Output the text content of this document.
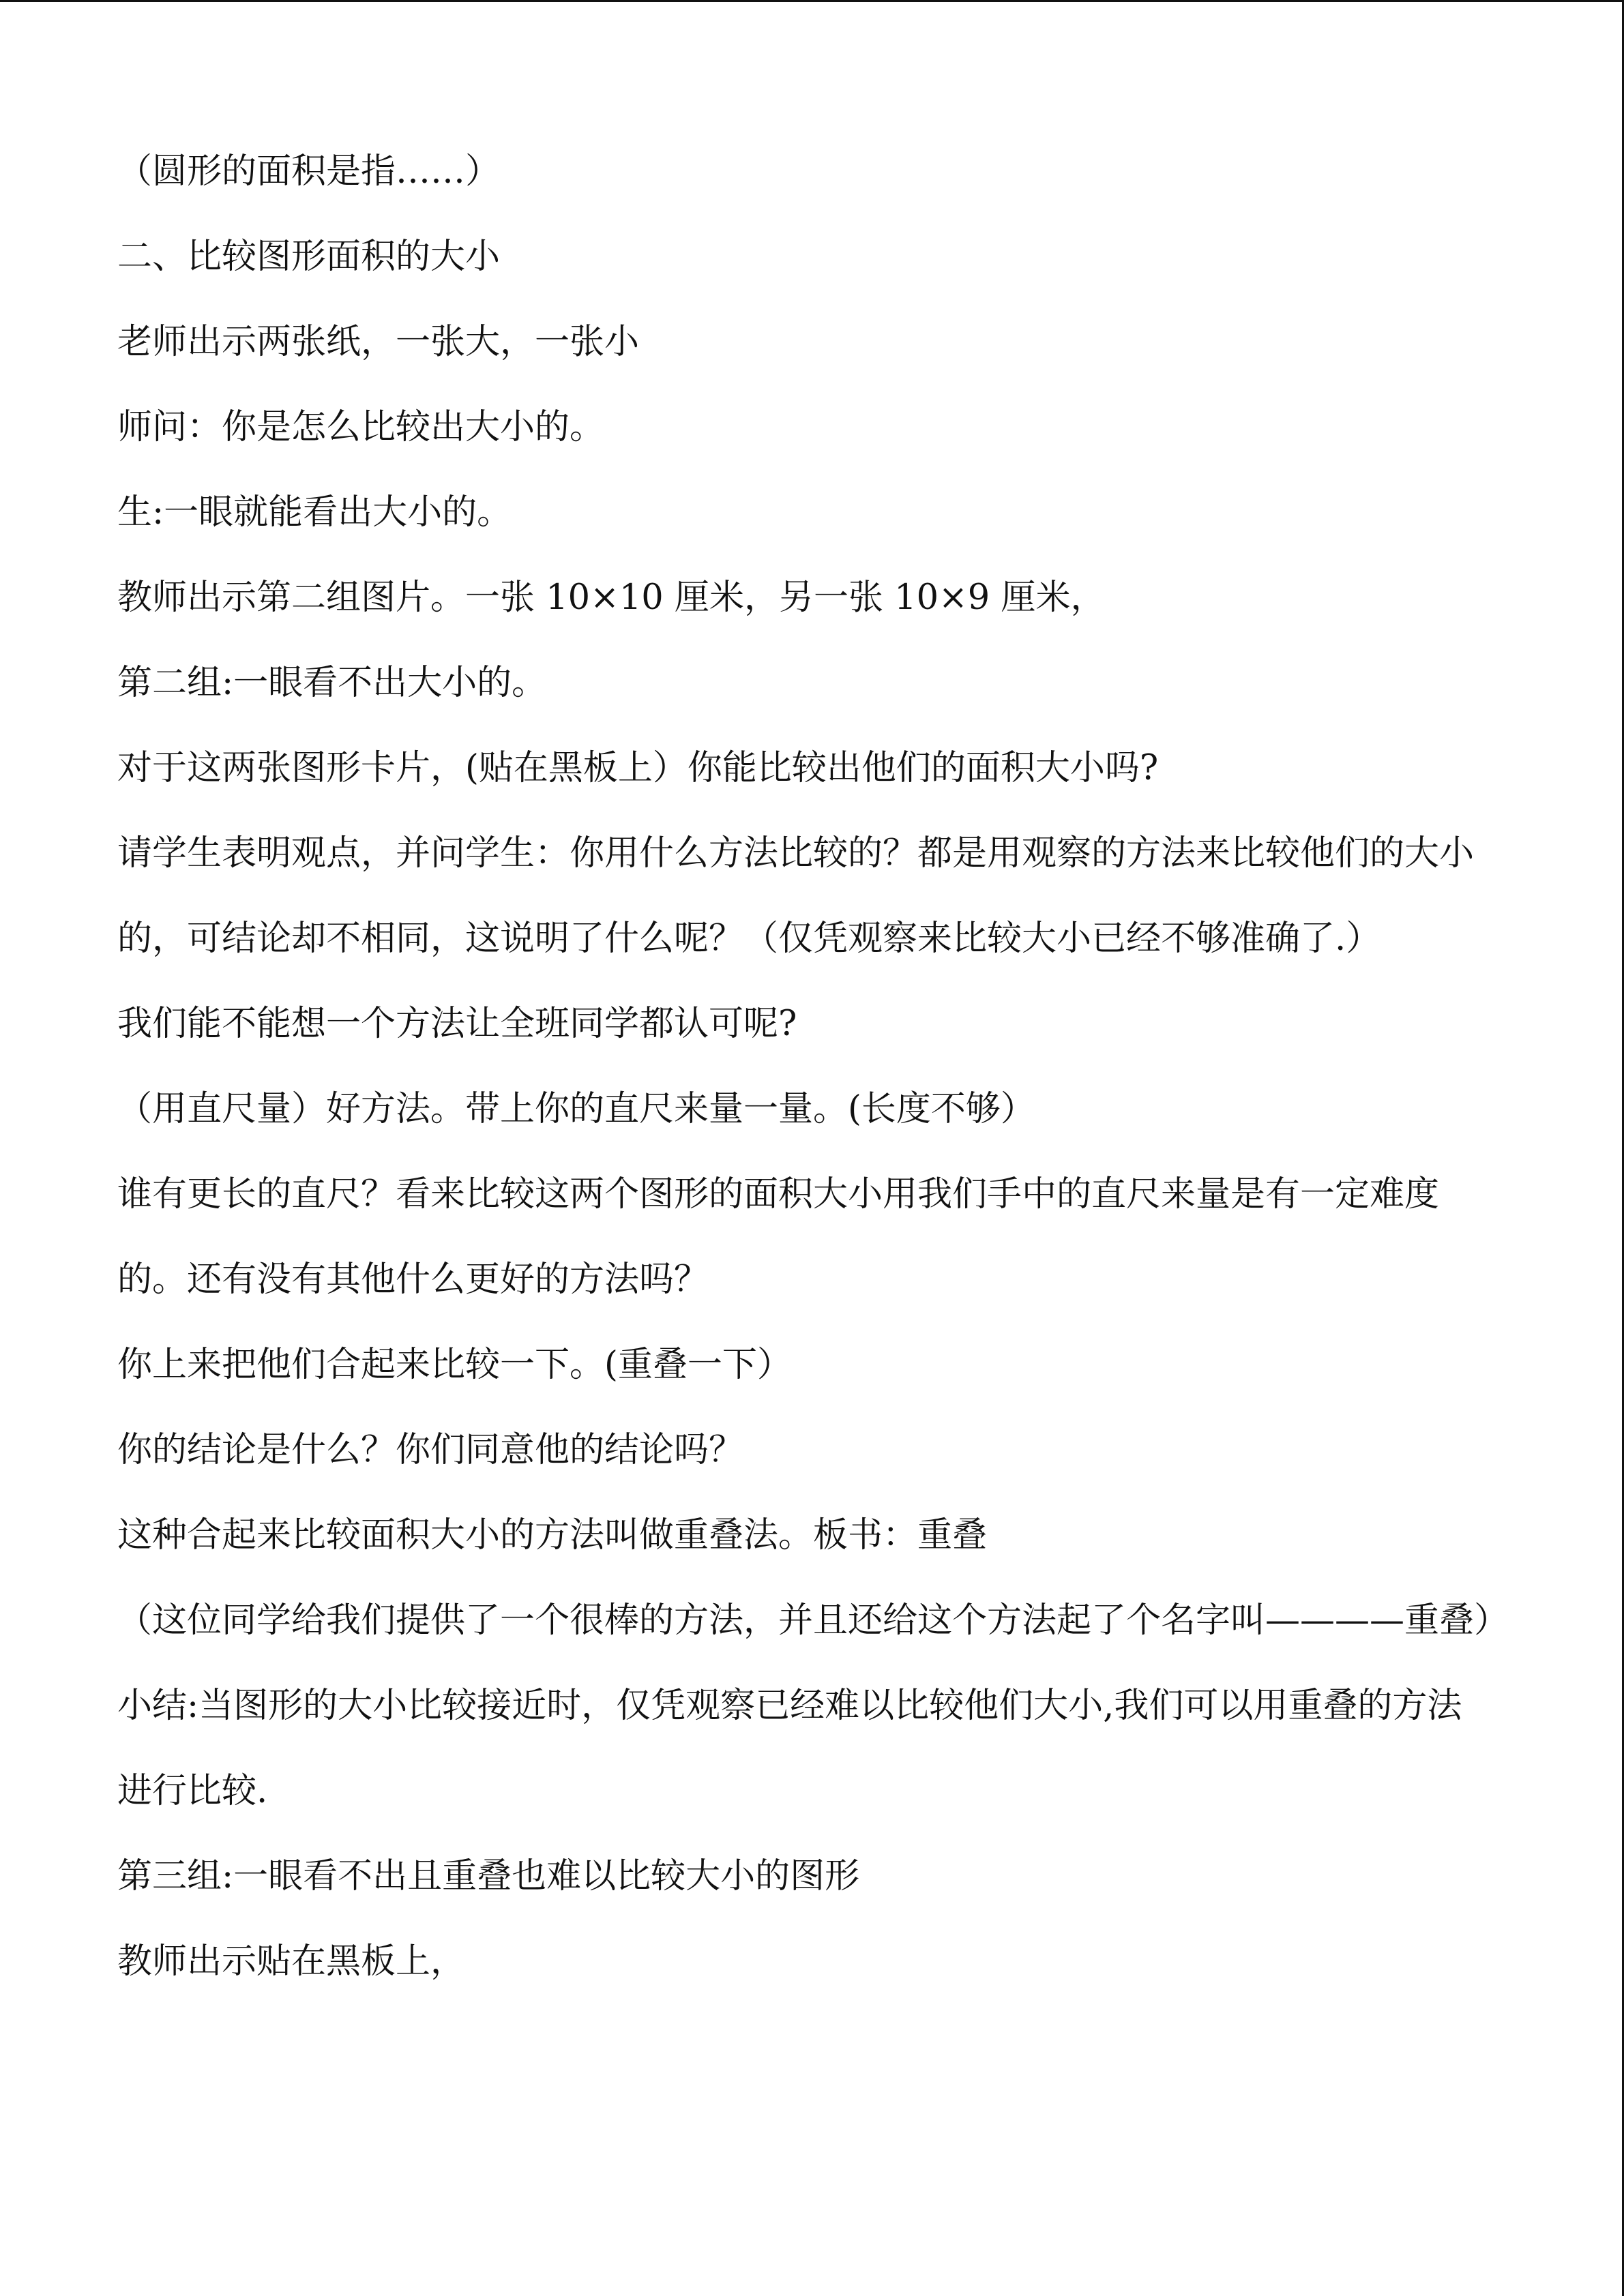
（圆形的面积是指……）

二、比较图形面积的大小

老师出示两张纸，一张大，一张小

师问：你是怎么比较出大小的。

生:一眼就能看出大小的。

教师出示第二组图片。一张 10×10 厘米，另一张 10×9 厘米，

第二组:一眼看不出大小的。

对于这两张图形卡片，(贴在黑板上）你能比较出他们的面积大小吗?

请学生表明观点，并问学生：你用什么方法比较的？都是用观察的方法来比较他们的大小的，可结论却不相同，这说明了什么呢？（仅凭观察来比较大小已经不够准确了.）

我们能不能想一个方法让全班同学都认可呢?

（用直尺量）好方法。带上你的直尺来量一量。(长度不够）

谁有更长的直尺？看来比较这两个图形的面积大小用我们手中的直尺来量是有一定难度的。还有没有其他什么更好的方法吗？

你上来把他们合起来比较一下。(重叠一下）

你的结论是什么？你们同意他的结论吗？

这种合起来比较面积大小的方法叫做重叠法。板书：重叠

（这位同学给我们提供了一个很棒的方法，并且还给这个方法起了个名字叫————重叠）

小结:当图形的大小比较接近时，仅凭观察已经难以比较他们大小,我们可以用重叠的方法进行比较.

第三组:一眼看不出且重叠也难以比较大小的图形

教师出示贴在黑板上，
